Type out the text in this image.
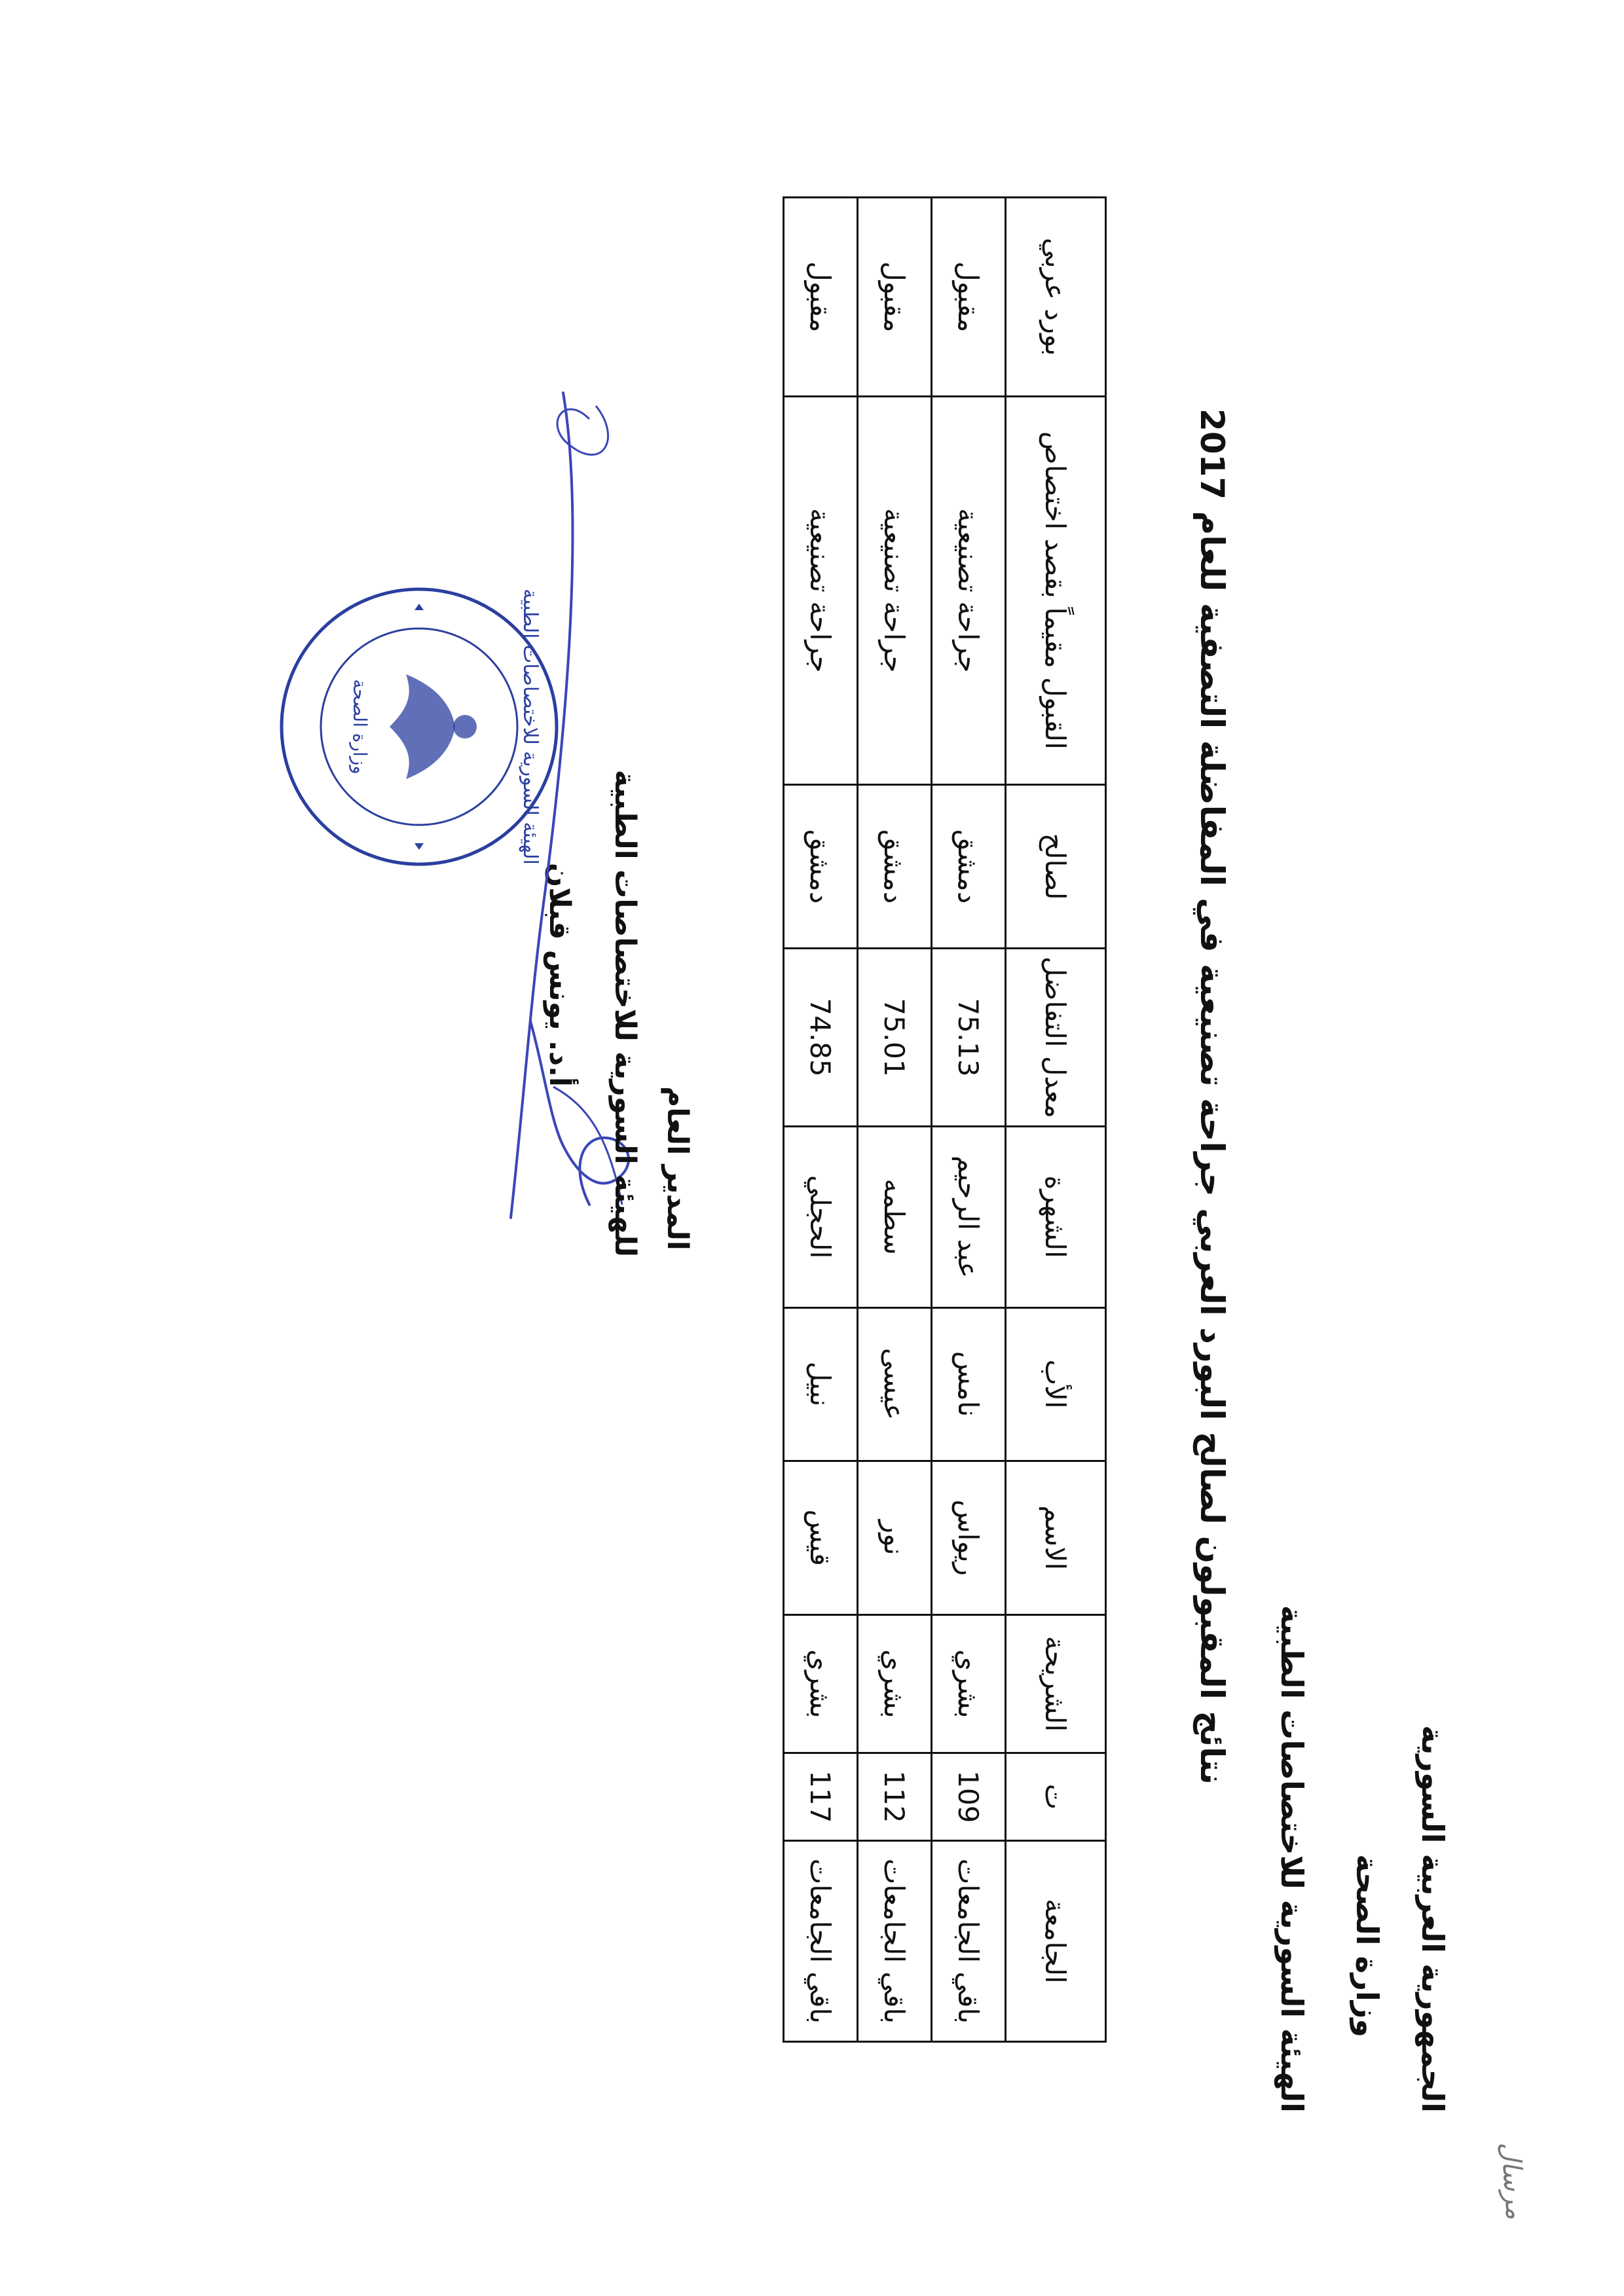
الجمهورية العربية السورية
وزارة الصحة
الهيئة السورية للاختصاصات الطبية
مرسال
نتائج المقبولون لصالح البورد العربي جراحة تصنيعية في المفاضلة التصفية للعام 2017
الجامعة	ت	الشريحة	الاسم	الأب	الشهرة	معدل التفاضل	لصالح	القبول مقيماً بقصد اختصاص	بورد عربي
باقي الجامعات	109	بشري	ريواس	نامس	عبد الرحيم	75.13	دمشق	جراحة تصنيعية	مقبول
باقي الجامعات	112	بشري	نور	عيسى	سطمه	75.01	دمشق	جراحة تصنيعية	مقبول
باقي الجامعات	117	بشري	قيس	نبيل	الحجلي	74.85	دمشق	جراحة تصنيعية	مقبول
المدير العام
للهيئة السورية للاختصاصات الطبية
أ.د. يونس قبلان
الهيئة السورية للاختصاصات الطبية
وزارة الصحة
